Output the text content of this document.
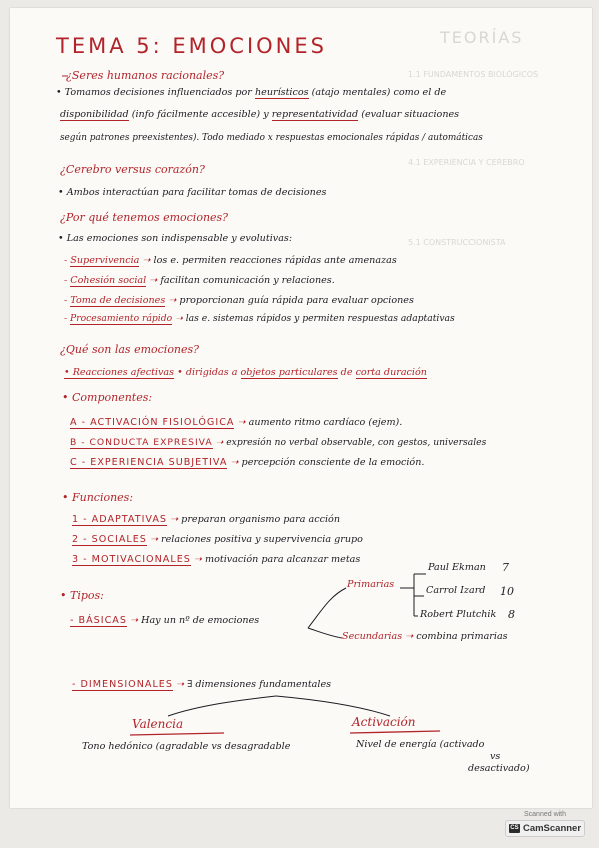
TEORÍAS
1.1 FUNDAMENTOS BIOLÓGICOS
4.1 EXPERIENCIA Y CEREBRO
5.1 CONSTRUCCIONISTA
TEMA 5: EMOCIONES
¿Seres humanos racionales?
• Tomamos decisiones influenciados por heurísticos (atajo mentales) como el de
disponibilidad (info fácilmente accesible) y representatividad (evaluar situaciones
según patrones preexistentes). Todo mediado x respuestas emocionales rápidas / automáticas
¿Cerebro versus corazón?
• Ambos interactúan para facilitar tomas de decisiones
¿Por qué tenemos emociones?
• Las emociones son indispensable y evolutivas:
- Supervivencia ➝ los e. permiten reacciones rápidas ante amenazas
- Cohesión social ➝ facilitan comunicación y relaciones.
- Toma de decisiones ➝ proporcionan guía rápida para evaluar opciones
- Procesamiento rápido ➝ las e. sistemas rápidos y permiten respuestas adaptativas
¿Qué son las emociones?
• Reacciones afectivas • dirigidas a objetos particulares de corta duración
• Componentes:
A - ACTIVACIÓN FISIOLÓGICA ➝ aumento ritmo cardíaco (ejem).
B - CONDUCTA EXPRESIVA ➝ expresión no verbal observable, con gestos, universales
C - EXPERIENCIA SUBJETIVA ➝ percepción consciente de la emoción.
• Funciones:
1 - ADAPTATIVAS ➝ preparan organismo para acción
2 - SOCIALES ➝ relaciones positiva y supervivencia grupo
3 - MOTIVACIONALES ➝ motivación para alcanzar metas
• Tipos:
Primarias
Paul Ekman 7
Carrol Izard 10
Robert Plutchik 8
- BÁSICAS ➝ Hay un nº de emociones
Secundarias ➝ combina primarias
- DIMENSIONALES ➝ ∃ dimensiones fundamentales
Valencia	Activación
Tono hedónico (agradable vs desagradable	Nivel de energía (activado
vs
desactivado)
Scanned with
CS CamScanner
